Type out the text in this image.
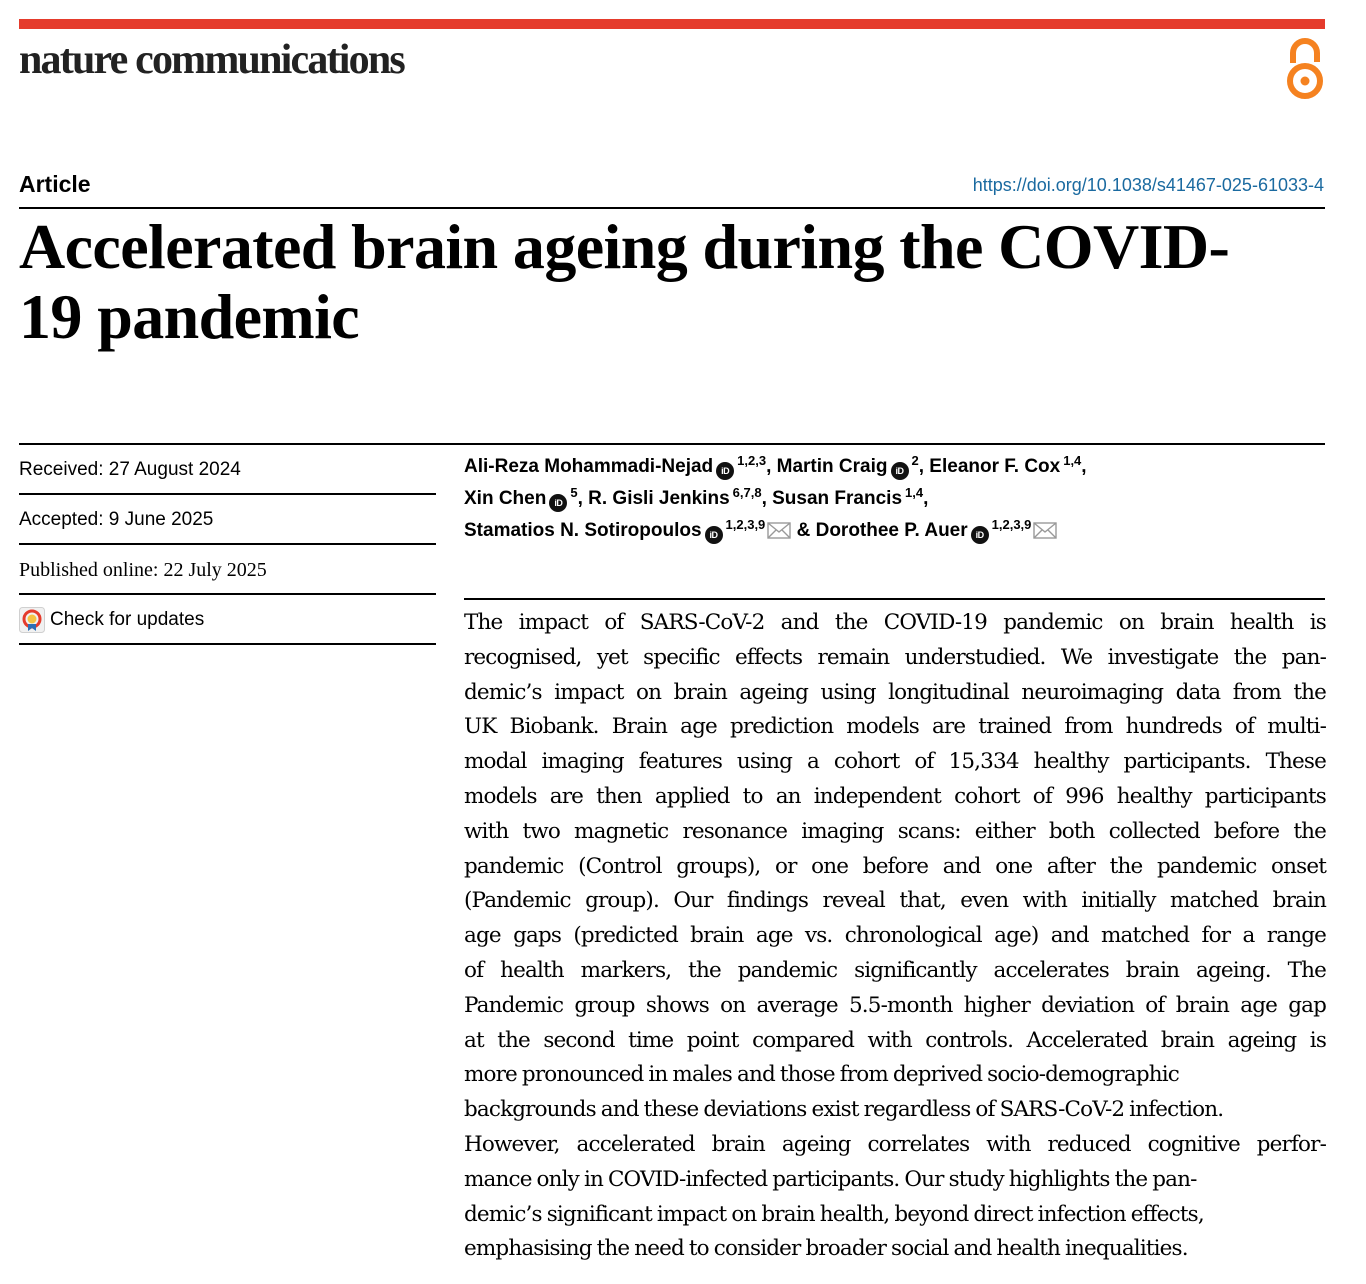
nature communications
Article	https://doi.org/10.1038/s41467-025-61033-4
Accelerated brain ageing during the COVID-
19 pandemic
Received: 27 August 2024
Accepted: 9 June 2025
Published online: 22 July 2025
Check for updates
Ali-Reza Mohammadi-Nejad iD$^{1,2,3}$, Martin Craig $iD^2$, Eleanor F. Cox $^{1,4}$,
Xin Chen $iD^5$, R. Gisli Jenkins $^{6,7,8}$, Susan Francis $^{1,4}$,
Stamatios N. Sotiropoulos iD$^{1,2,3,9}$ & Dorothee P. Auer iD$^{1,2,3,9}$
The impact of SARS-CoV-2 and the COVID-19 pandemic on brain health is
recognised, yet specific effects remain understudied. We investigate the pan-
demic’s impact on brain ageing using longitudinal neuroimaging data from the
UK Biobank. Brain age prediction models are trained from hundreds of multi-
modal imaging features using a cohort of 15,334 healthy participants. These
models are then applied to an independent cohort of 996 healthy participants
with two magnetic resonance imaging scans: either both collected before the
pandemic (Control groups), or one before and one after the pandemic onset
(Pandemic group). Our findings reveal that, even with initially matched brain
age gaps (predicted brain age vs. chronological age) and matched for a range
of health markers, the pandemic significantly accelerates brain ageing. The
Pandemic group shows on average 5.5-month higher deviation of brain age gap
at the second time point compared with controls. Accelerated brain ageing is
more pronounced in males and those from deprived socio-demographic
backgrounds and these deviations exist regardless of SARS-CoV-2 infection.
However, accelerated brain ageing correlates with reduced cognitive perfor-
mance only in COVID-infected participants. Our study highlights the pan-
demic’s significant impact on brain health, beyond direct infection effects,
emphasising the need to consider broader social and health inequalities.
